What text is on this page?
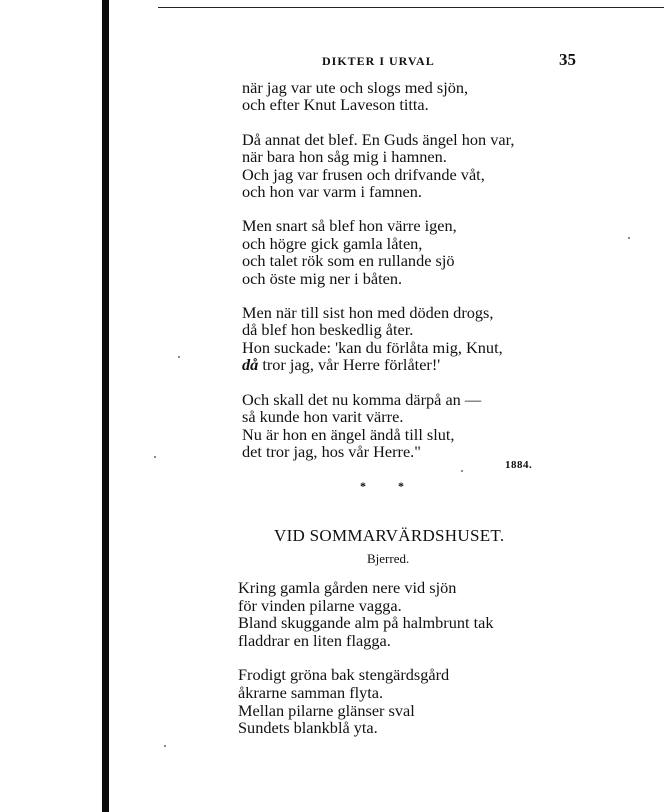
DIKTER I URVAL	35
när jag var ute och slogs med sjön,
och efter Knut Laveson titta.
Då annat det blef. En Guds ängel hon var,
när bara hon såg mig i hamnen.
Och jag var frusen och drifvande våt,
och hon var varm i famnen.
Men snart så blef hon värre igen,
och högre gick gamla låten,
och talet rök som en rullande sjö
och öste mig ner i båten.
Men när till sist hon med döden drogs,
då blef hon beskedlig åter.
Hon suckade: 'kan du förlåta mig, Knut,
då tror jag, vår Herre förlåter!'
Och skall det nu komma därpå an —
så kunde hon varit värre.
Nu är hon en ängel ändå till slut,
det tror jag, hos vår Herre."
1884.
*	*
VID SOMMARVÄRDSHUSET.
Bjerred.
Kring gamla gården nere vid sjön
för vinden pilarne vagga.
Bland skuggande alm på halmbrunt tak
fladdrar en liten flagga.
Frodigt gröna bak stengärdsgård
åkrarne samman flyta.
Mellan pilarne glänser sval
Sundets blankblå yta.
